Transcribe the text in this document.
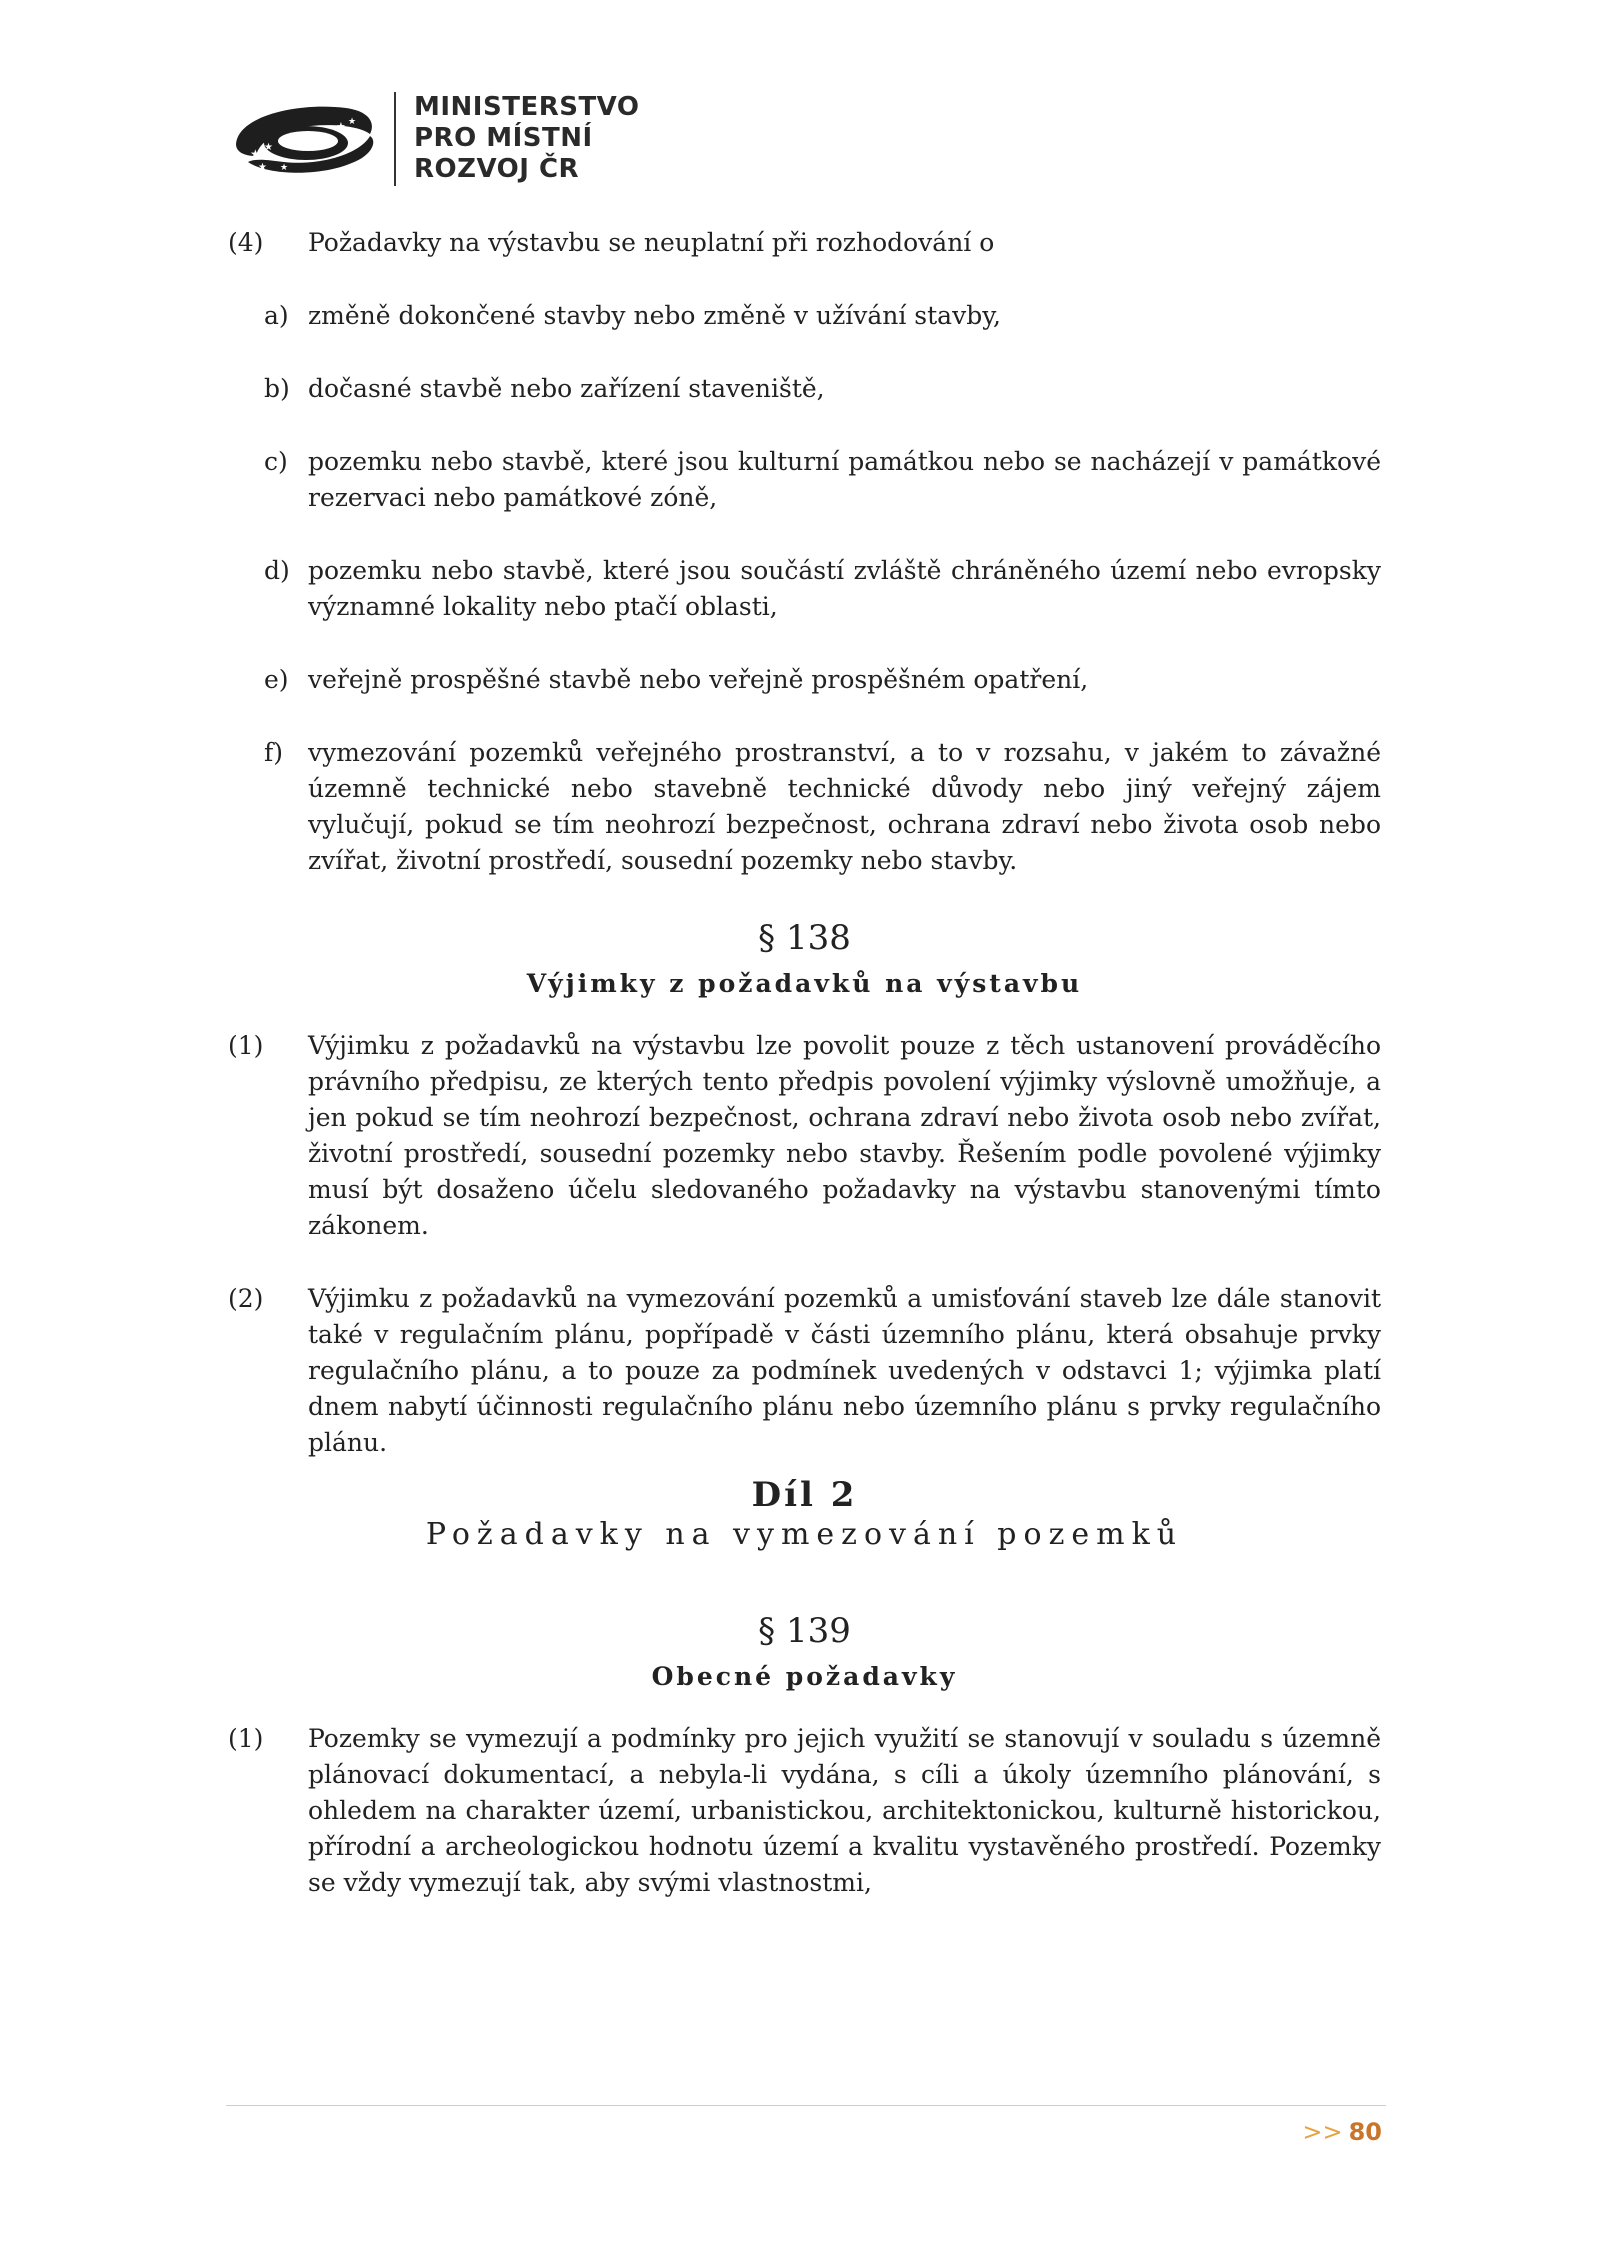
★ ★
★ ★
★ ★ MINISTERSTVO
PRO MÍSTNÍ
ROZVOJ ČR
(4) Požadavky na výstavbu se neuplatní při rozhodování o
a) změně dokončené stavby nebo změně v užívání stavby,
b) dočasné stavbě nebo zařízení staveniště,
c) pozemku nebo stavbě, které jsou kulturní památkou nebo se nacházejí v památkové rezervaci nebo památkové zóně,
d) pozemku nebo stavbě, které jsou součástí zvláště chráněného území nebo evropsky významné lokality nebo ptačí oblasti,
e) veřejně prospěšné stavbě nebo veřejně prospěšném opatření,
f) vymezování pozemků veřejného prostranství, a to v rozsahu, v jakém to závažné územně technické nebo stavebně technické důvody nebo jiný veřejný zájem vylučují, pokud se tím neohrozí bezpečnost, ochrana zdraví nebo života osob nebo zvířat, životní prostředí, sousední pozemky nebo stavby.
§ 138
Výjimky z požadavků na výstavbu
(1) Výjimku z požadavků na výstavbu lze povolit pouze z těch ustanovení prováděcího právního předpisu, ze kterých tento předpis povolení výjimky výslovně umožňuje, a jen pokud se tím neohrozí bezpečnost, ochrana zdraví nebo života osob nebo zvířat, životní prostředí, sousední pozemky nebo stavby. Řešením podle povolené výjimky musí být dosaženo účelu sledovaného požadavky na výstavbu stanovenými tímto zákonem.
(2) Výjimku z požadavků na vymezování pozemků a umisťování staveb lze dále stanovit také v regulačním plánu, popřípadě v části územního plánu, která obsahuje prvky regulačního plánu, a to pouze za podmínek uvedených v odstavci 1; výjimka platí dnem nabytí účinnosti regulačního plánu nebo územního plánu s prvky regulačního plánu.
Díl 2
Požadavky na vymezování pozemků
§ 139
Obecné požadavky
(1) Pozemky se vymezují a podmínky pro jejich využití se stanovují v souladu s územně plánovací dokumentací, a nebyla-li vydána, s cíli a úkoly územního plánování, s ohledem na charakter území, urbanistickou, architektonickou, kulturně historickou, přírodní a archeologickou hodnotu území a kvalitu vystavěného prostředí. Pozemky se vždy vymezují tak, aby svými vlastnostmi,
>> 80
